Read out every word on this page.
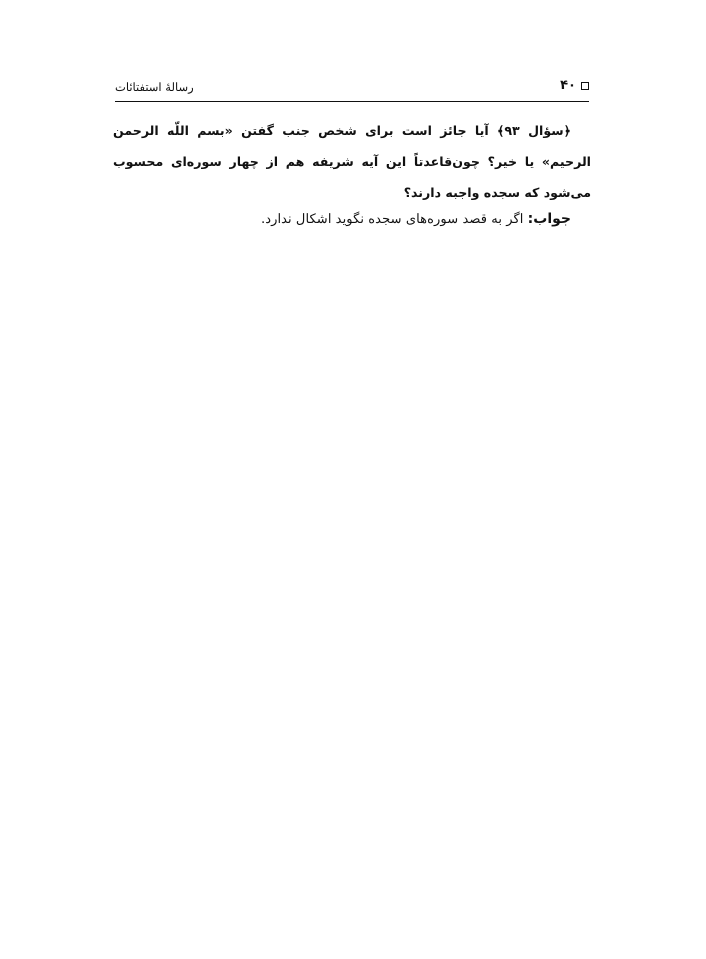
۴۰
رسالۀ استفتائات

﴿سؤال ۹۳﴾ آیا جائز است برای شخص جنب گفتن «بسم اللّه الرحمن الرحیم» یا خیر؟ چون‌قاعدتاً این آیه شریفه هم از چهار سوره‌ای محسوب می‌شود که سجده واجبه دارند؟

جواب: اگر به قصد سوره‌های سجده نگوید اشکال ندارد.
